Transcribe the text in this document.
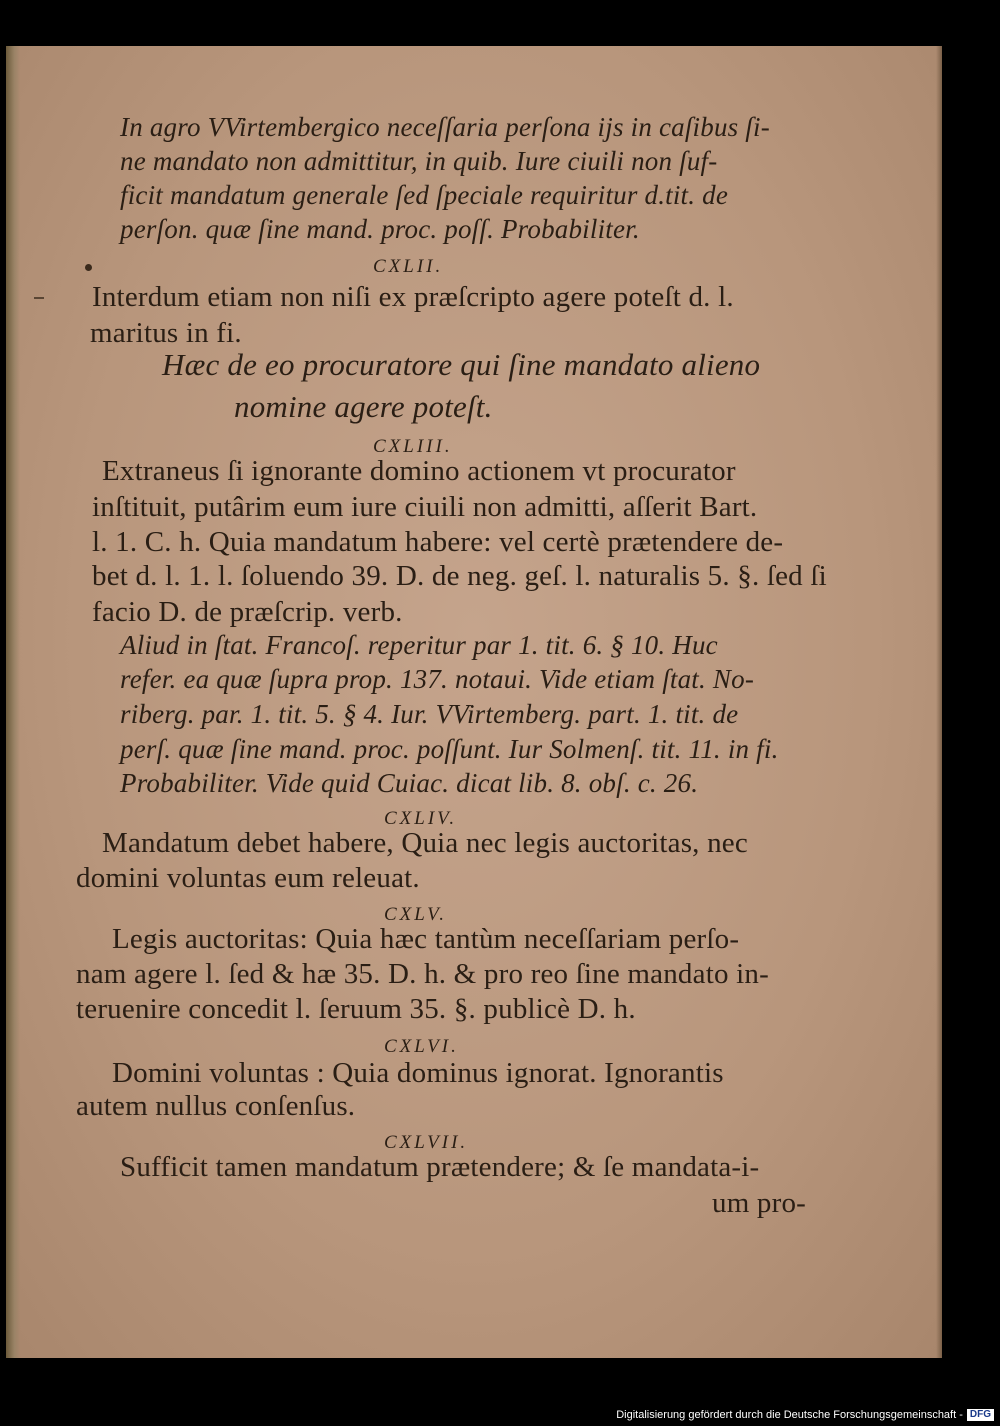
In agro VVirtembergico neceſſaria perſona ijs in caſibus ſi-
ne mandato non admittitur, in quib. Iure ciuili non ſuf-
ficit mandatum generale ſed ſpeciale requiritur d.tit. de
perſon. quæ ſine mand. proc. poſſ. Probabiliter.
CXLII.
Interdum etiam non niſi ex præſcripto agere poteſt d. l.
maritus in fi.
Hæc de eo procuratore qui ſine mandato alieno
nomine agere poteſt.
CXLIII.
Extraneus ſi ignorante domino actionem vt procurator
inſtituit, putârim eum iure ciuili non admitti, aſſerit Bart.
l. 1. C. h. Quia mandatum habere: vel certè prætendere de-
bet d. l. 1. l. ſoluendo 39. D. de neg. geſ. l. naturalis 5. §. ſed ſi
facio D. de præſcrip. verb.
Aliud in ſtat. Francoſ. reperitur par 1. tit. 6. § 10. Huc
refer. ea quæ ſupra prop. 137. notaui. Vide etiam ſtat. No-
riberg. par. 1. tit. 5. § 4. Iur. VVirtemberg. part. 1. tit. de
perſ. quæ ſine mand. proc. poſſunt. Iur Solmenſ. tit. 11. in fi.
Probabiliter. Vide quid Cuiac. dicat lib. 8. obſ. c. 26.
CXLIV.
Mandatum debet habere, Quia nec legis auctoritas, nec
domini voluntas eum releuat.
CXLV.
Legis auctoritas: Quia hæc tantùm neceſſariam perſo-
nam agere l. ſed & hæ 35. D. h. & pro reo ſine mandato in-
teruenire concedit l. ſeruum 35. §. publicè D. h.
CXLVI.
Domini voluntas : Quia dominus ignorat. Ignorantis
autem nullus conſenſus.
CXLVII.
Sufficit tamen mandatum prætendere; & ſe mandata-i-
um pro-
Digitalisierung gefördert durch die Deutsche Forschungsgemeinschaft - DFG
